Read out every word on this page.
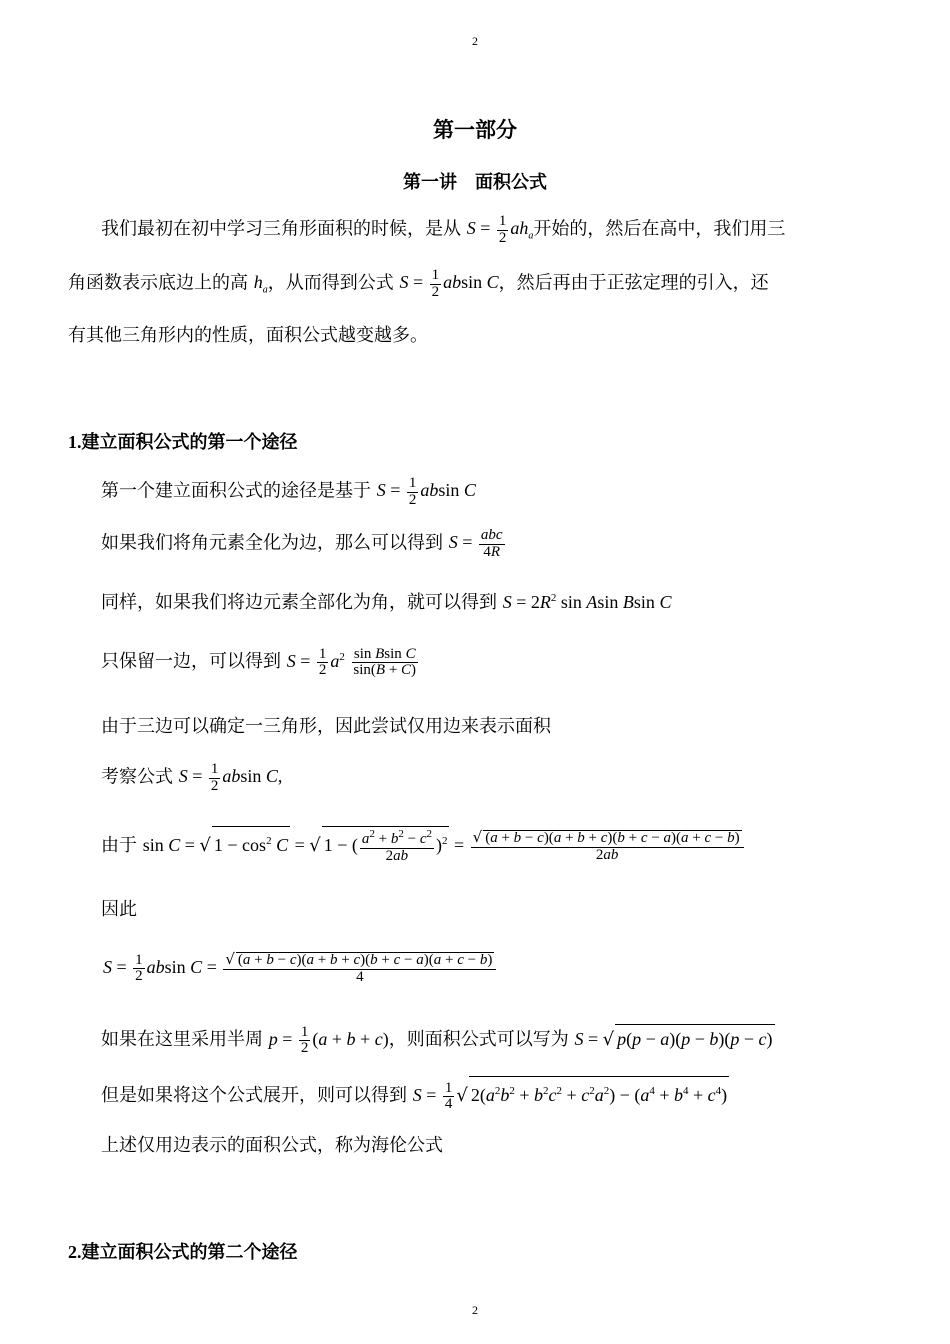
2
第一部分
第一讲　面积公式
我们最初在初中学习三角形面积的时候，是从 $S = \frac{1}{2} ah_a$开始的，然后在高中，我们用三
角函数表示底边上的高 $h_a$，从而得到公式 $S = \frac{1}{2}$ absin C，然后再由于正弦定理的引入，还
有其他三角形内的性质，面积公式越变越多。
1.建立面积公式的第一个途径
第一个建立面积公式的途径是基于 $S = \frac{1}{2}$ absin C
如果我们将角元素全化为边，那么可以得到 $S = \frac{\text{abc}}{4R}$
同样，如果我们将边元素全部化为角，就可以得到 $S = 2R^2$ sin Asin Bsin C
只保留一边，可以得到 $S = \frac{1}{2} a^2 \frac{\text{sin Bsin C}}{\sin(B + C)}$
由于三边可以确定一三角形，因此尝试仅用边来表示面积
考察公式 $S = \frac{1}{2}$ absin C,
由于 sin C = √ $1 - \cos^2 C$ = √ 1 − ( $\frac{a^2 + b^2 - c^2}{2ab} )^2 = \frac{√ (a + b - c)(a + b + c)(b + c - a)(a + c - b)}{2ab}$
因此
$S = \frac{1}{2}$ absin $C = \frac{√ (a + b - c)(a + b + c)(b + c - a)(a + c - b)}{4}$
如果在这里采用半周 $p = \frac{1}{2} (a + b + c)$，则面积公式可以写为 S = √ p(p − a)(p − b)(p − c)
但是如果将这个公式展开，则可以得到 $S = \frac{1}{4}$ √ $2(a^2b^2 + b^2c^2 + c^2a^2) - (a^4 + b^4 + c^4)$
上述仅用边表示的面积公式，称为海伦公式
2.建立面积公式的第二个途径
2
